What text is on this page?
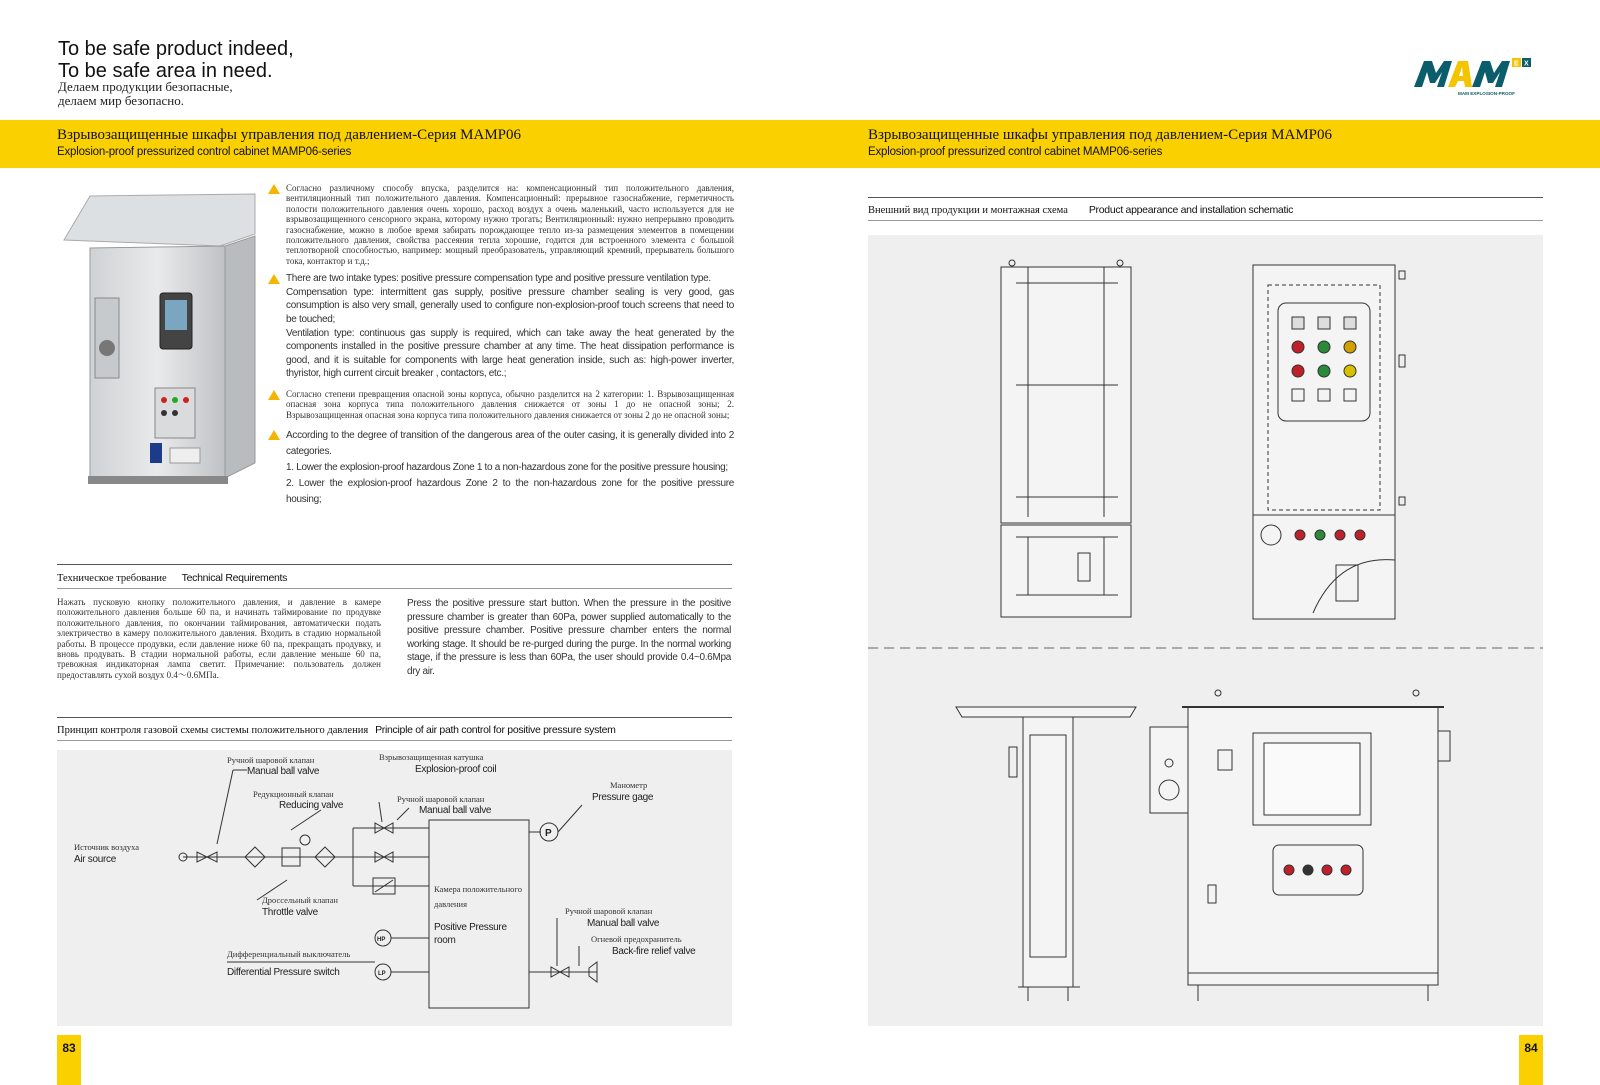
To be safe product indeed,
To be safe area in need.
Делаем продукции безопасные,
делаем мир безопасно.
E X
MAM EXPLOSION-PROOF
Взрывозащищенные шкафы управления под давлением-Серия MAMP06
Explosion-proof pressurized control cabinet MAMP06-series
Взрывозащищенные шкафы управления под давлением-Серия MAMP06
Explosion-proof pressurized control cabinet MAMP06-series
Согласно различному способу впуска, разделится на: компенсационный тип положительного давления, вентиляционный тип положительного давления. Компенсационный: прерывное газоснабжение, герметичность полости положительного давления очень хорошо, расход воздух а очень маленький, часто используется для не взрывозащищенного сенсорного экрана, которому нужно трогать; Вентиляционный: нужно непрерывно проводить газоснабжение, можно в любое время забирать порождающее тепло из-за размещения элементов в помещении положительного давления, свойства рассеяния тепла хорошие, годится для встроенного элемента с большой теплотворной способностью, например: мощный преобразователь, управляющий кремний, прерыватель большого тока, контактор и т.д.;
There are two intake types: positive pressure compensation type and positive pressure ventilation type.
Compensation type: intermittent gas supply, positive pressure chamber sealing is very good, gas consumption is also very small, generally used to configure non-explosion-proof touch screens that need to be touched;
Ventilation type: continuous gas supply is required, which can take away the heat generated by the components installed in the positive pressure chamber at any time. The heat dissipation performance is good, and it is suitable for components with large heat generation inside, such as: high-power inverter, thyristor, high current circuit breaker , contactors, etc.;
Согласно степени превращения опасной зоны корпуса, обычно разделится на 2 категории: 1. Взрывозащищенная опасная зона корпуса типа положительного давления снижается от зоны 1 до не опасной зоны; 2. Взрывозащищенная опасная зона корпуса типа положительного давления снижается от зоны 2 до не опасной зоны;
According to the degree of transition of the dangerous area of the outer casing, it is generally divided into 2 categories.
1. Lower the explosion-proof hazardous Zone 1 to a non-hazardous zone for the positive pressure housing;
2. Lower the explosion-proof hazardous Zone 2 to the non-hazardous zone for the positive pressure housing;
Техническое требование Technical Requirements
Нажать пусковую кнопку положительного давления, и давление в камере положительного давления больше 60 па, и начинать таймирование по продувке положительного давления, по окончании таймирования, автоматически подать электричество в камеру положительного давления. Входить в стадию нормальной работы. В процессе продувки, если давление ниже 60 па, прекращать продувку, и вновь продувать. В стадии нормальной работы, если давление меньше 60 па, тревожная индикаторная лампа светит. Примечание: пользователь должен предоставлять сухой воздух 0.4～0.6МПа.
Press the positive pressure start button. When the pressure in the positive pressure chamber is greater than 60Pa, power supplied automatically to the positive pressure chamber. Positive pressure chamber enters the normal working stage. It should be re-purged during the purge. In the normal working stage, if the pressure is less than 60Pa, the user should provide 0.4~0.6Mpa dry air.
Принцип контроля газовой схемы системы положительного давления Principle of air path control for positive pressure system
Ручной шаровой клапан
Manual ball valve
Взрывозащищенная катушка
Explosion-proof coil
Манометр
Pressure gage
Редукционный клапан
Reducing valve
Ручной шаровой клапан
Manual ball valve
Источник воздуха
Air source
Дроссельный клапан
Throttle valve
Камера положительного
давления
Positive Pressure
room
Ручной шаровой клапан
Manual ball valve
Огневой предохранитель
Back-fire relief valve
Дифференциальный выключатель
Differential Pressure switch
P
HP
LP
83
Внешний вид продукции и монтажная схема Product appearance and installation schematic
84
